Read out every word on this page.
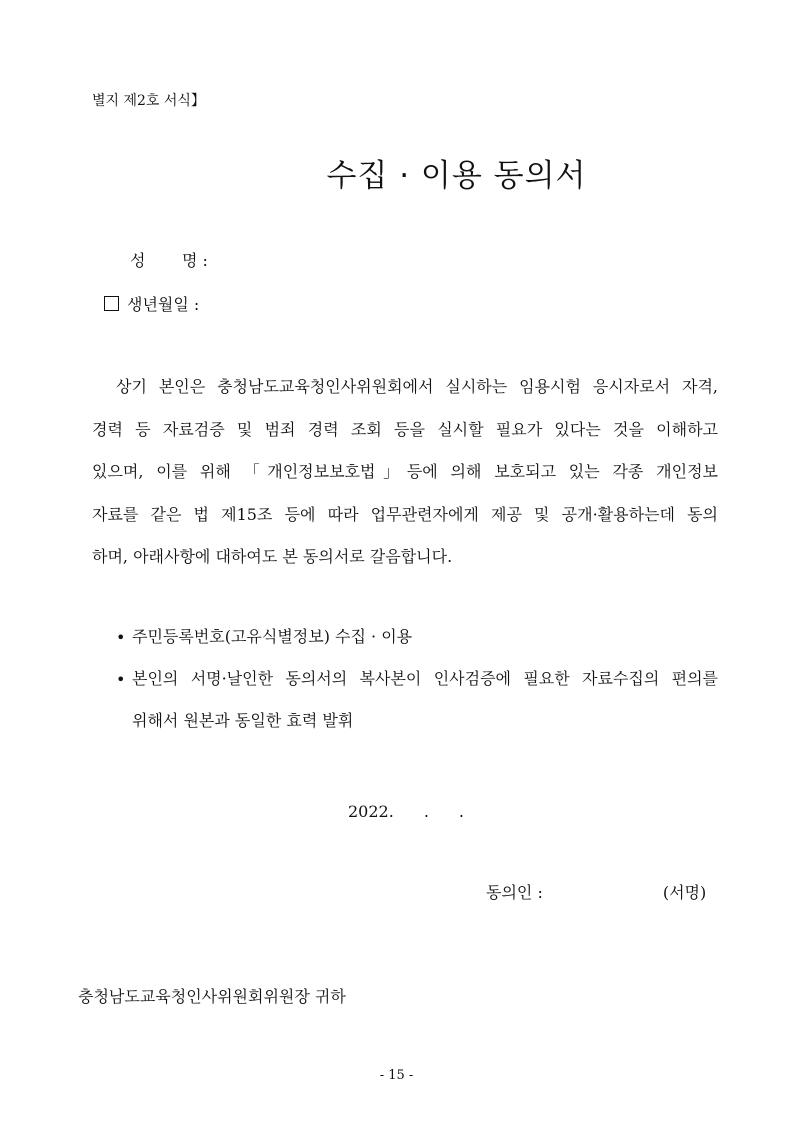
별지 제2호 서식】
수집 · 이용 동의서
성 명 :
생년월일 :
상기 본인은 충청남도교육청인사위원회에서 실시하는 임용시험 응시자로서 자격,
경력 등 자료검증 및 범죄 경력 조회 등을 실시할 필요가 있다는 것을 이해하고
있으며, 이를 위해 「개인정보보호법」등에 의해 보호되고 있는 각종 개인정보
자료를 같은 법 제15조 등에 따라 업무관련자에게 제공 및 공개·활용하는데 동의
하며, 아래사항에 대하여도 본 동의서로 갈음합니다.
• 주민등록번호(고유식별정보) 수집 · 이용
• 본인의 서명·날인한 동의서의 복사본이 인사검증에 필요한 자료수집의 편의를
위해서 원본과 동일한 효력 발휘
2022. . .
동의인 :	(서명)
충청남도교육청인사위원회위원장 귀하
- 15 -
